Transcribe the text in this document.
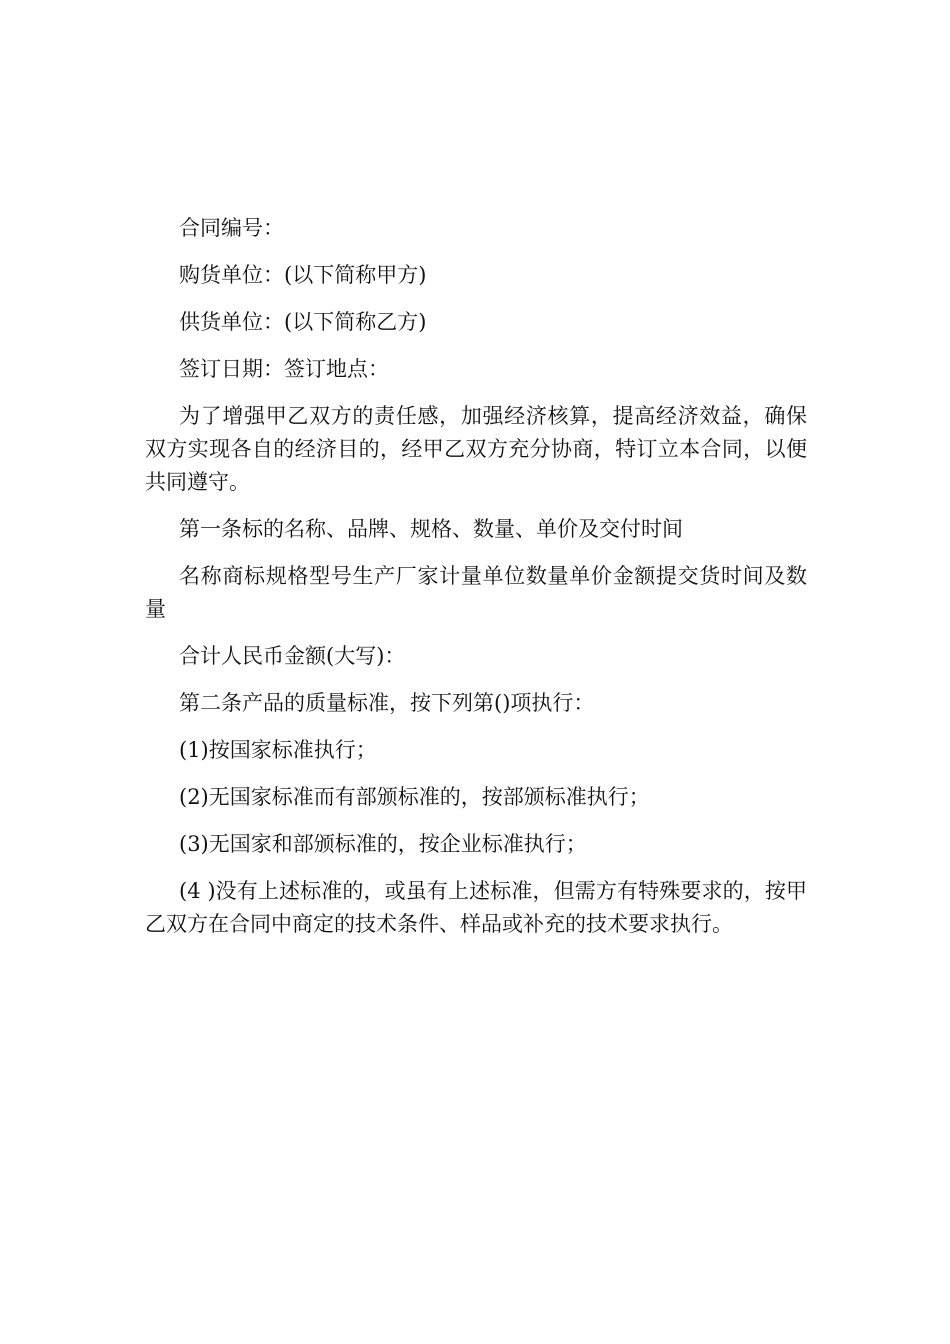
合同编号：

购货单位：(以下简称甲方)

供货单位：(以下简称乙方)

签订日期：签订地点：

为了增强甲乙双方的责任感，加强经济核算，提高经济效益，确保双方实现各自的经济目的，经甲乙双方充分协商，特订立本合同，以便共同遵守。

第一条标的名称、品牌、规格、数量、单价及交付时间

名称商标规格型号生产厂家计量单位数量单价金额提交货时间及数量

合计人民币金额(大写)：

第二条产品的质量标准，按下列第()项执行：

(1)按国家标准执行；

(2)无国家标准而有部颁标准的，按部颁标准执行；

(3)无国家和部颁标准的，按企业标准执行；

(4 )没有上述标准的，或虽有上述标准，但需方有特殊要求的，按甲乙双方在合同中商定的技术条件、样品或补充的技术要求执行。
